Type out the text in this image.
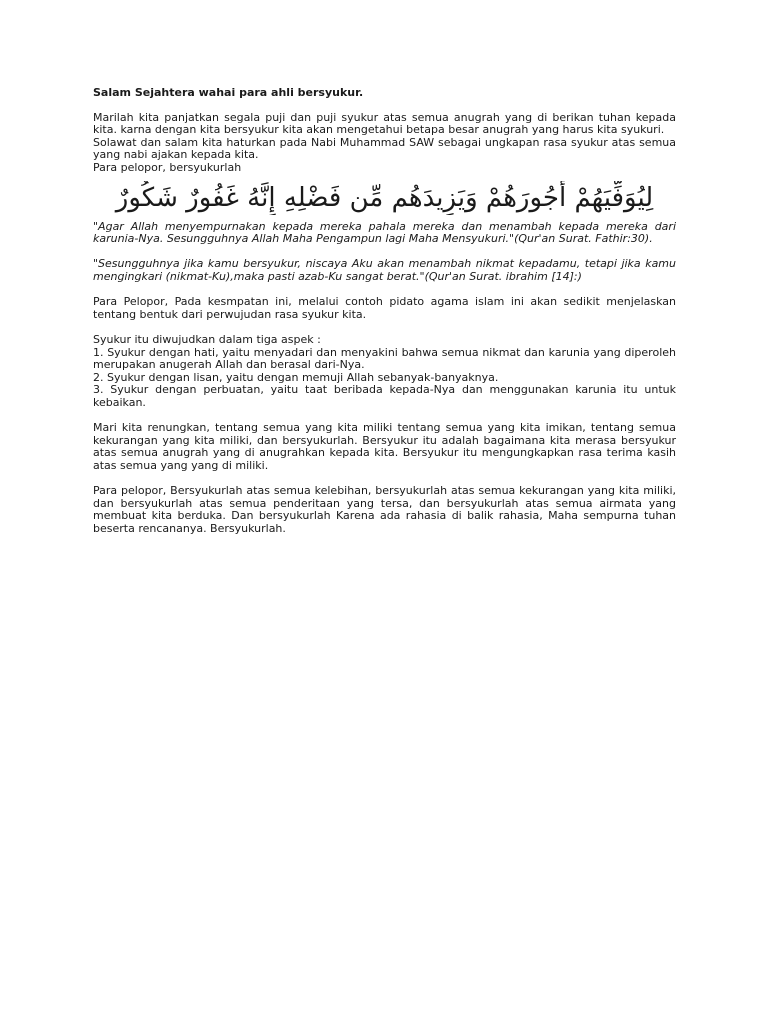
Salam Sejahtera wahai para ahli bersyukur.

Marilah kita panjatkan segala puji dan puji syukur atas semua anugrah yang di berikan tuhan kepada kita. karna dengan kita bersyukur kita akan mengetahui betapa besar anugrah yang harus kita syukuri.

Solawat dan salam kita haturkan pada Nabi Muhammad SAW sebagai ungkapan rasa syukur atas semua yang nabi ajakan kepada kita.

Para pelopor, bersyukurlah

لِيُوَفِّيَهُمْ أُجُورَهُمْ وَيَزِيدَهُم مِّن فَضْلِهِ إِنَّهُ غَفُورٌ شَكُورٌ

"Agar Allah menyempurnakan kepada mereka pahala mereka dan menambah kepada mereka dari karunia-Nya. Sesungguhnya Allah Maha Pengampun lagi Maha Mensyukuri."(Qur'an Surat. Fathir:30).

"Sesungguhnya jika kamu bersyukur, niscaya Aku akan menambah nikmat kepadamu, tetapi jika kamu mengingkari (nikmat-Ku),maka pasti azab-Ku sangat berat."(Qur'an Surat. ibrahim [14]:)

Para Pelopor, Pada kesmpatan ini, melalui contoh pidato agama islam ini akan sedikit menjelaskan tentang bentuk dari perwujudan rasa syukur kita.

Syukur itu diwujudkan dalam tiga aspek :

1. Syukur dengan hati, yaitu menyadari dan menyakini bahwa semua nikmat dan karunia yang diperoleh merupakan anugerah Allah dan berasal dari-Nya.
2. Syukur dengan lisan, yaitu dengan memuji Allah sebanyak-banyaknya.
3. Syukur dengan perbuatan, yaitu taat beribada kepada-Nya dan menggunakan karunia itu untuk kebaikan.

Mari kita renungkan, tentang semua yang kita miliki tentang semua yang kita imikan, tentang semua kekurangan yang kita miliki, dan bersyukurlah. Bersyukur itu adalah bagaimana kita merasa bersyukur atas semua anugrah yang di anugrahkan kepada kita. Bersyukur itu mengungkapkan rasa terima kasih atas semua yang yang di miliki.

Para pelopor, Bersyukurlah atas semua kelebihan, bersyukurlah atas semua kekurangan yang kita miliki, dan bersyukurlah atas semua penderitaan yang tersa, dan bersyukurlah atas semua airmata yang membuat kita berduka. Dan bersyukurlah Karena ada rahasia di balik rahasia, Maha sempurna tuhan beserta rencananya. Bersyukurlah.
